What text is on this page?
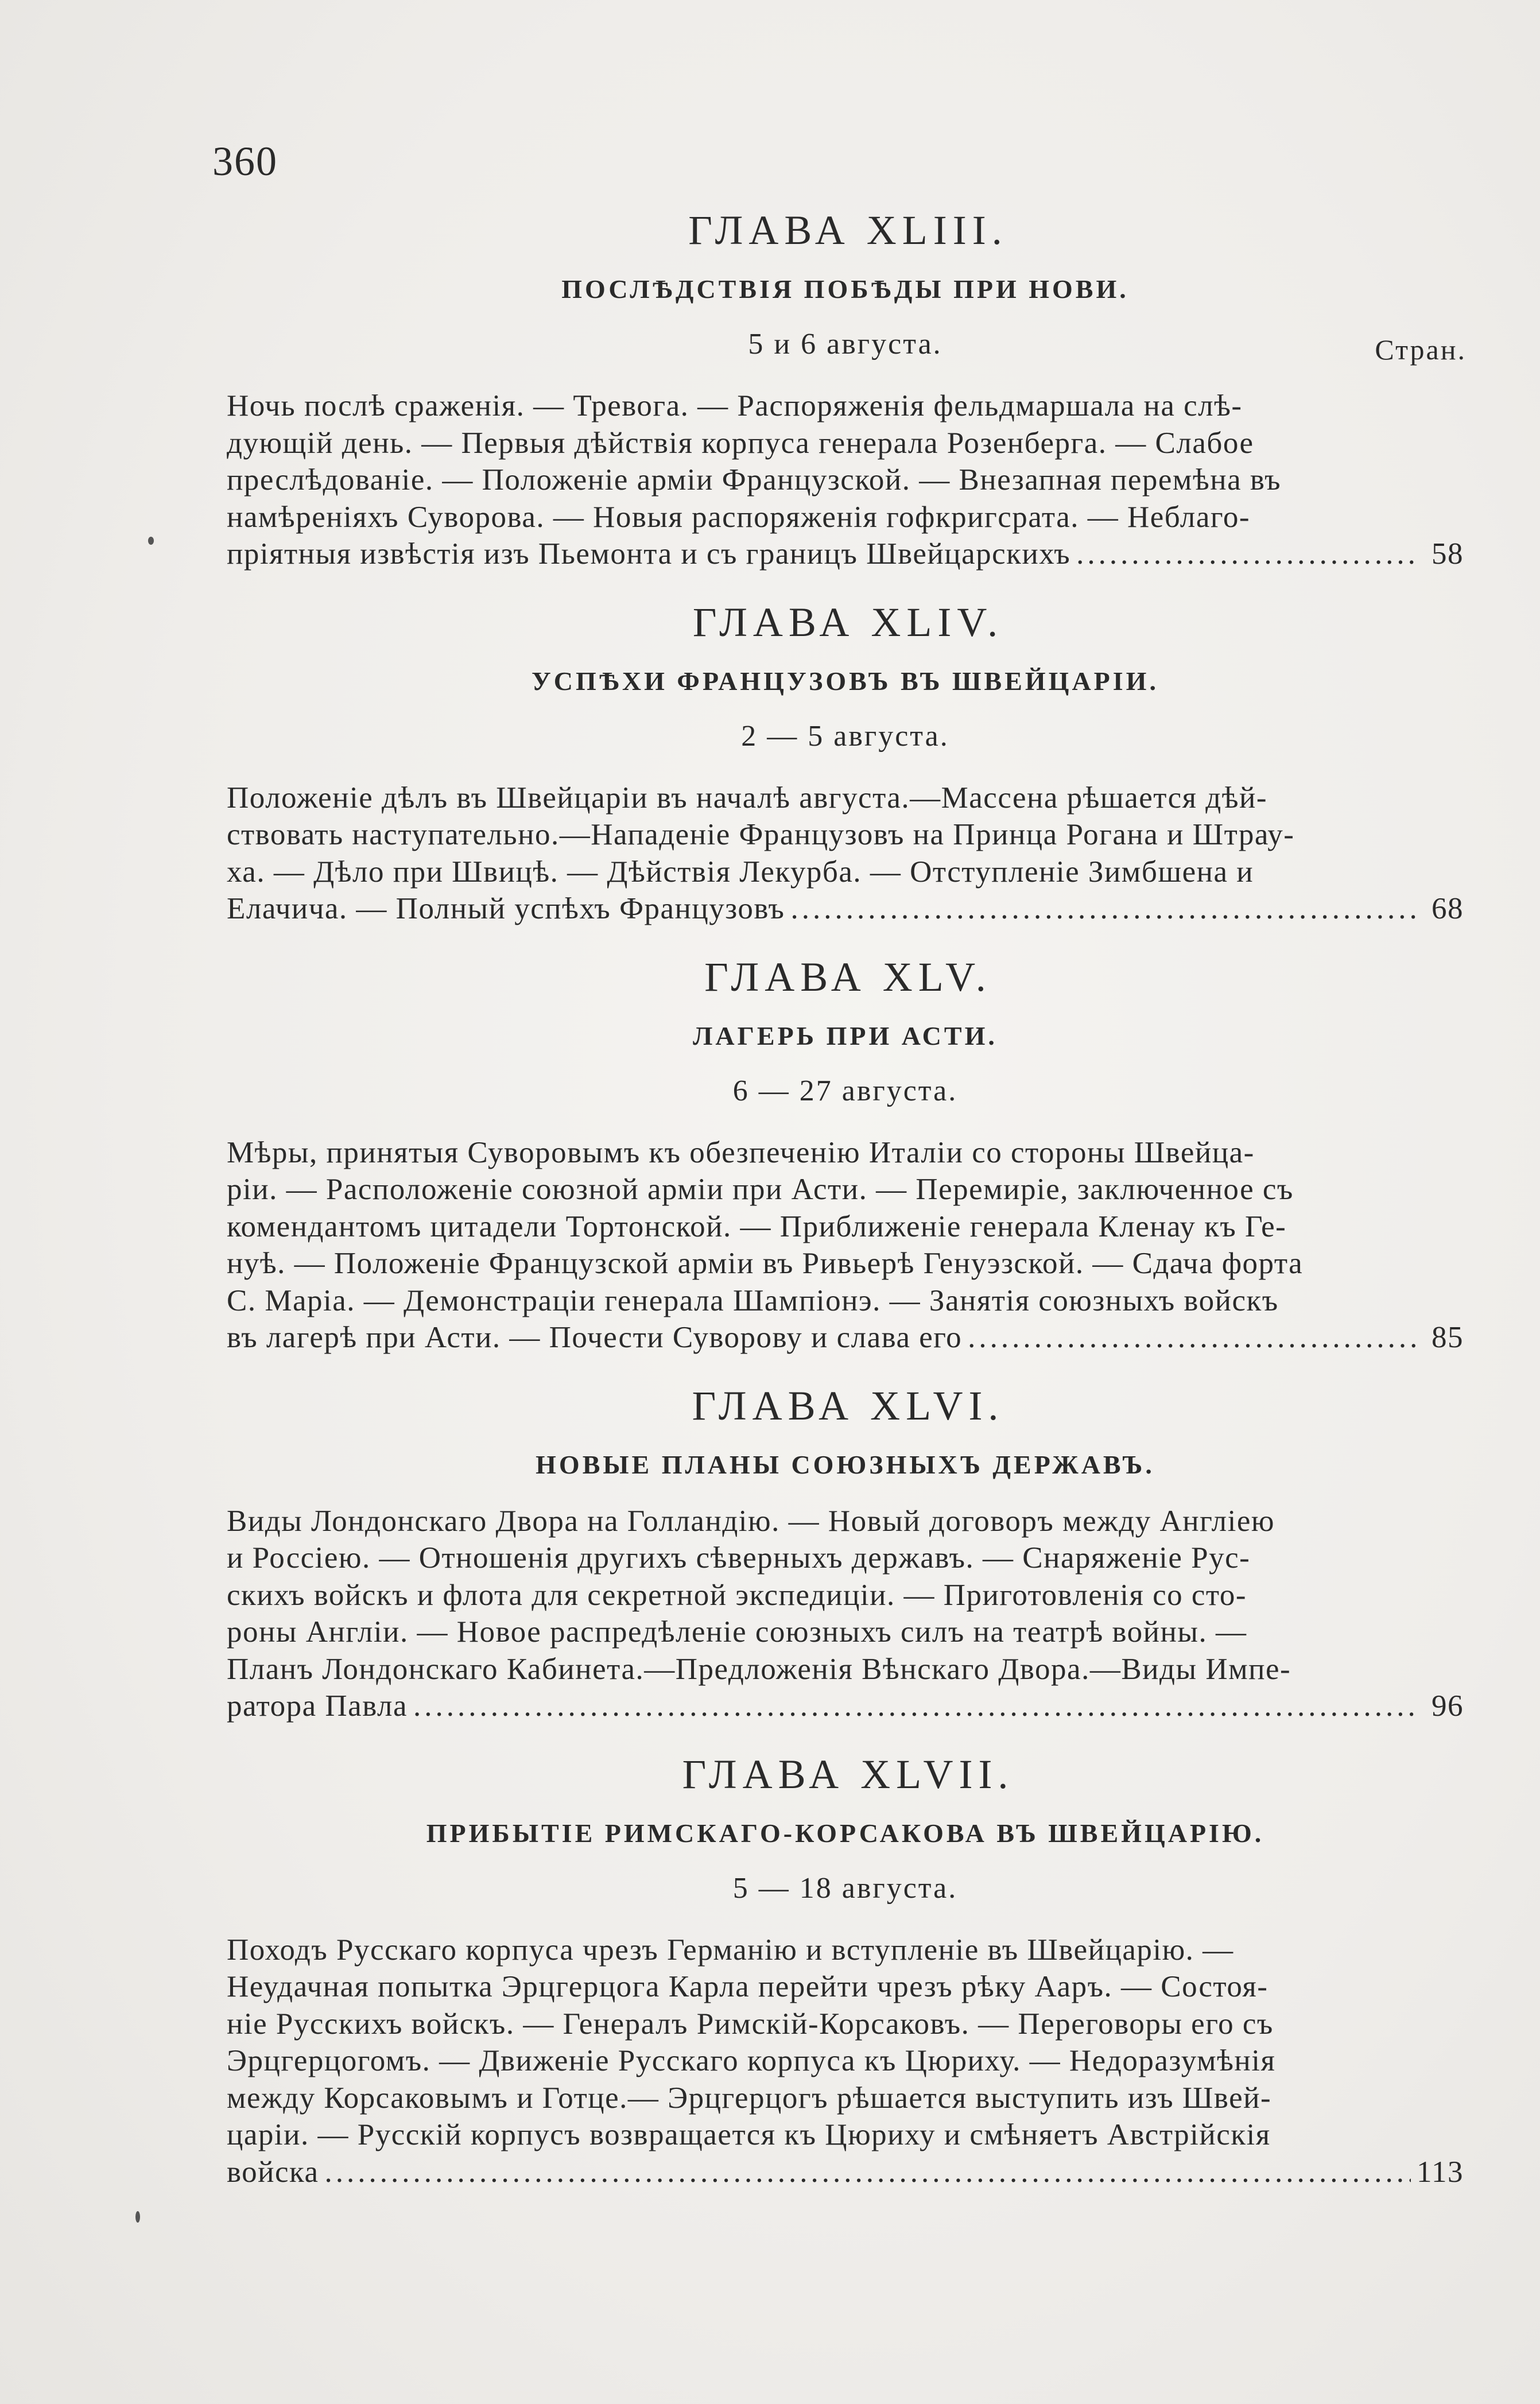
360
Стран.
ГЛАВА XLIII.
ПОСЛѢДСТВІЯ ПОБѢДЫ ПРИ НОВИ.
5 и 6 августа.
Ночь послѣ сраженія. — Тревога. — Распоряженія фельдмаршала на слѣ-
дующій день. — Первыя дѣйствія корпуса генерала Розенберга. — Слабое
преслѣдованіе. — Положеніе арміи Французской. — Внезапная перемѣна въ
намѣреніяхъ Суворова. — Новыя распоряженія гофкригсрата. — Неблаго-
пріятныя извѣстія изъ Пьемонта и съ границъ Швейцарскихъ .....	58
ГЛАВА XLIV.
УСПѢХИ ФРАНЦУЗОВЪ ВЪ ШВЕЙЦАРІИ.
2 — 5 августа.
Положеніе дѣлъ въ Швейцаріи въ началѣ августа.—Массена рѣшается дѣй-
ствовать наступательно.—Нападеніе Французовъ на Принца Рогана и Штрау-
ха. — Дѣло при Швицѣ. — Дѣйствія Лекурба. — Отступленіе Зимбшена и
Елачича. — Полный успѣхъ Французовъ .....	68
ГЛАВА XLV.
ЛАГЕРЬ ПРИ АСТИ.
6 — 27 августа.
Мѣры, принятыя Суворовымъ къ обезпеченію Италіи со стороны Швейца-
ріи. — Расположеніе союзной арміи при Асти. — Перемиріе, заключенное съ
комендантомъ цитадели Тортонской. — Приближеніе генерала Кленау къ Ге-
нуѣ. — Положеніе Французской арміи въ Ривьерѣ Генуэзской. — Сдача форта
С. Маріа. — Демонстраціи генерала Шампіонэ. — Занятія союзныхъ войскъ
въ лагерѣ при Асти. — Почести Суворову и слава его .....	85
ГЛАВА XLVI.
НОВЫЕ ПЛАНЫ СОЮЗНЫХЪ ДЕРЖАВЪ.
Виды Лондонскаго Двора на Голландію. — Новый договоръ между Англіею
и Россіею. — Отношенія другихъ сѣверныхъ державъ. — Снаряженіе Рус-
скихъ войскъ и флота для секретной экспедиціи. — Приготовленія со сто-
роны Англіи. — Новое распредѣленіе союзныхъ силъ на театрѣ войны. —
Планъ Лондонскаго Кабинета.—Предложенія Вѣнскаго Двора.—Виды Импе-
ратора Павла .....	96
ГЛАВА XLVII.
ПРИБЫТІЕ РИМСКАГО-КОРСАКОВА ВЪ ШВЕЙЦАРІЮ.
5 — 18 августа.
Походъ Русскаго корпуса чрезъ Германію и вступленіе въ Швейцарію. —
Неудачная попытка Эрцгерцога Карла перейти чрезъ рѣку Ааръ. — Состоя-
ніе Русскихъ войскъ. — Генералъ Римскій-Корсаковъ. — Переговоры его съ
Эрцгерцогомъ. — Движеніе Русскаго корпуса къ Цюриху. — Недоразумѣнія
между Корсаковымъ и Готце.— Эрцгерцогъ рѣшается выступить изъ Швей-
царіи. — Русскій корпусъ возвращается къ Цюриху и смѣняетъ Австрійскія
войска .....	113
